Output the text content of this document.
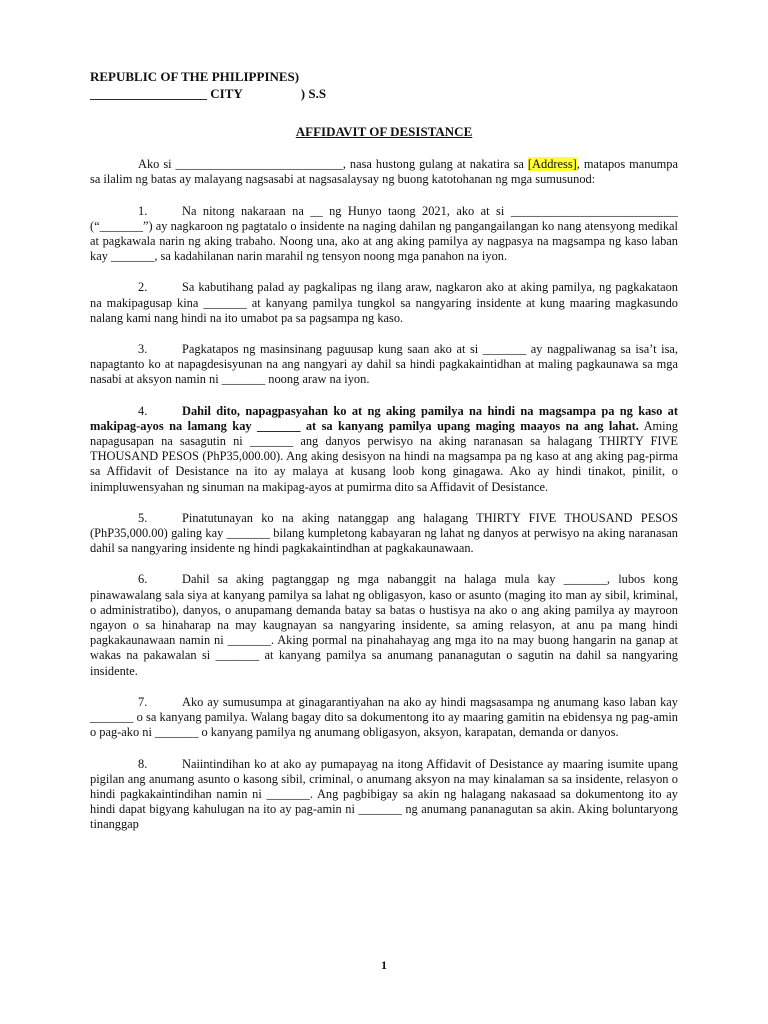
REPUBLIC OF THE PHILIPPINES)
__________________ CITY                  ) S.S
AFFIDAVIT OF DESISTANCE

Ako si ___________________________, nasa hustong gulang at nakatira sa [Address], matapos manumpa sa ilalim ng batas ay malayang nagsasabi at nagsasalaysay ng buong katotohanan ng mga sumusunod:

1.	Na nitong nakaraan na __ ng Hunyo taong 2021, ako at si ___________________________ (“_______”) ay nagkaroon ng pagtatalo o insidente na naging dahilan ng pangangailangan ko nang atensyong medikal at pagkawala narin ng aking trabaho. Noong una, ako at ang aking pamilya ay nagpasya na magsampa ng kaso laban kay _______, sa kadahilanan narin marahil ng tensyon noong mga panahon na iyon.

2.	Sa kabutihang palad ay pagkalipas ng ilang araw, nagkaron ako at aking pamilya, ng pagkakataon na makipagusap kina _______ at kanyang pamilya tungkol sa nangyaring insidente at kung maaring magkasundo nalang kami nang hindi na ito umabot pa sa pagsampa ng kaso.

3.	Pagkatapos ng masinsinang paguusap kung saan ako at si _______ ay nagpaliwanag sa isa’t isa, napagtanto ko at napagdesisyunan na ang nangyari ay dahil sa hindi pagkakaintidhan at maling pagkaunawa sa mga nasabi at aksyon namin ni _______ noong araw na iyon.

4.	Dahil dito, napagpasyahan ko at ng aking pamilya na hindi na magsampa pa ng kaso at makipag-ayos na lamang kay _______ at sa kanyang pamilya upang maging maayos na ang lahat. Aming napagusapan na sasagutin ni _______ ang danyos perwisyo na aking naranasan sa halagang THIRTY FIVE THOUSAND PESOS (PhP35,000.00). Ang aking desisyon na hindi na magsampa pa ng kaso at ang aking pag-pirma sa Affidavit of Desistance na ito ay malaya at kusang loob kong ginagawa. Ako ay hindi tinakot, pinilit, o inimpluwensyahan ng sinuman na makipag-ayos at pumirma dito sa Affidavit of Desistance.

5.	Pinatutunayan ko na aking natanggap ang halagang THIRTY FIVE THOUSAND PESOS (PhP35,000.00) galing kay _______ bilang kumpletong kabayaran ng lahat ng danyos at perwisyo na aking naranasan dahil sa nangyaring insidente ng hindi pagkakaintindhan at pagkakaunawaan.

6.	Dahil sa aking pagtanggap ng mga nabanggit na halaga mula kay _______, lubos kong pinawawalang sala siya at kanyang pamilya sa lahat ng obligasyon, kaso or asunto (maging ito man ay sibil, kriminal, o administratibo), danyos, o anupamang demanda batay sa batas o hustisya na ako o ang aking pamilya ay mayroon ngayon o sa hinaharap na may kaugnayan sa nangyaring insidente, sa aming relasyon, at anu pa mang hindi pagkakaunawaan namin ni _______. Aking pormal na pinahahayag ang mga ito na may buong hangarin na ganap at wakas na pakawalan si _______ at kanyang pamilya sa anumang pananagutan o sagutin na dahil sa nangyaring insidente.

7.	Ako ay sumusumpa at ginagarantiyahan na ako ay hindi magsasampa ng anumang kaso laban kay _______ o sa kanyang pamilya. Walang bagay dito sa dokumentong ito ay maaring gamitin na ebidensya ng pag-amin o pag-ako ni _______ o kanyang pamilya ng anumang obligasyon, aksyon, karapatan, demanda or danyos.

8.	Naiintindihan ko at ako ay pumapayag na itong Affidavit of Desistance ay maaring isumite upang pigilan ang anumang asunto o kasong sibil, criminal, o anumang aksyon na may kinalaman sa sa insidente, relasyon o hindi pagkakaintindihan namin ni _______. Ang pagbibigay sa akin ng halagang nakasaad sa dokumentong ito ay hindi dapat bigyang kahulugan na ito ay pag-amin ni _______ ng anumang pananagutan sa akin. Aking boluntaryong tinanggap

1
